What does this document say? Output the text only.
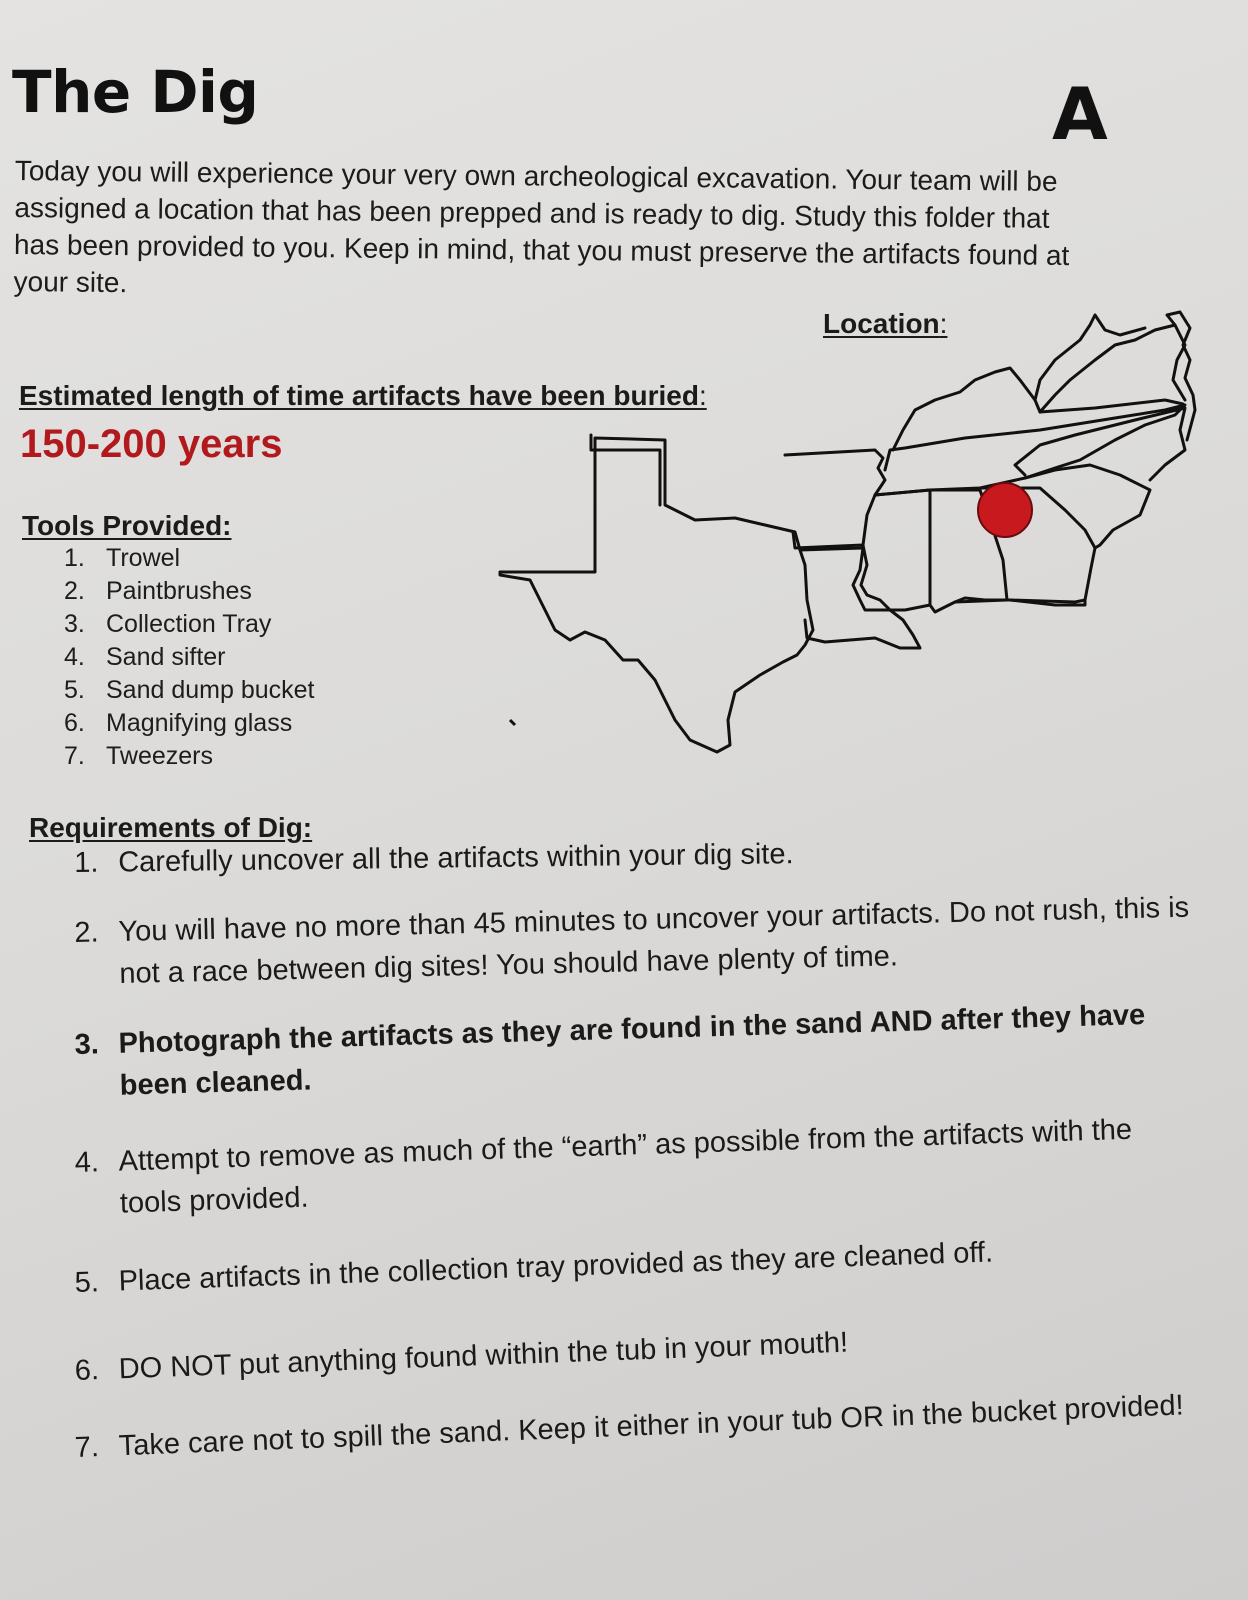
The Dig	A
Today you will experience your very own archeological excavation. Your team will be
assigned a location that has been prepped and is ready to dig. Study this folder that
has been provided to you. Keep in mind, that you must preserve the artifacts found at
your site.
Location:
Estimated length of time artifacts have been buried:
150-200 years
Tools Provided:
1. Trowel
2. Paintbrushes
3. Collection Tray
4. Sand sifter
5. Sand dump bucket
6. Magnifying glass
7. Tweezers
Requirements of Dig:
1. Carefully uncover all the artifacts within your dig site.
2. You will have no more than 45 minutes to uncover your artifacts. Do not rush, this is not a race between dig sites! You should have plenty of time.
3. Photograph the artifacts as they are found in the sand AND after they have been cleaned.
4. Attempt to remove as much of the “earth” as possible from the artifacts with the tools provided.
5. Place artifacts in the collection tray provided as they are cleaned off.
6. DO NOT put anything found within the tub in your mouth!
7. Take care not to spill the sand. Keep it either in your tub OR in the bucket provided!
